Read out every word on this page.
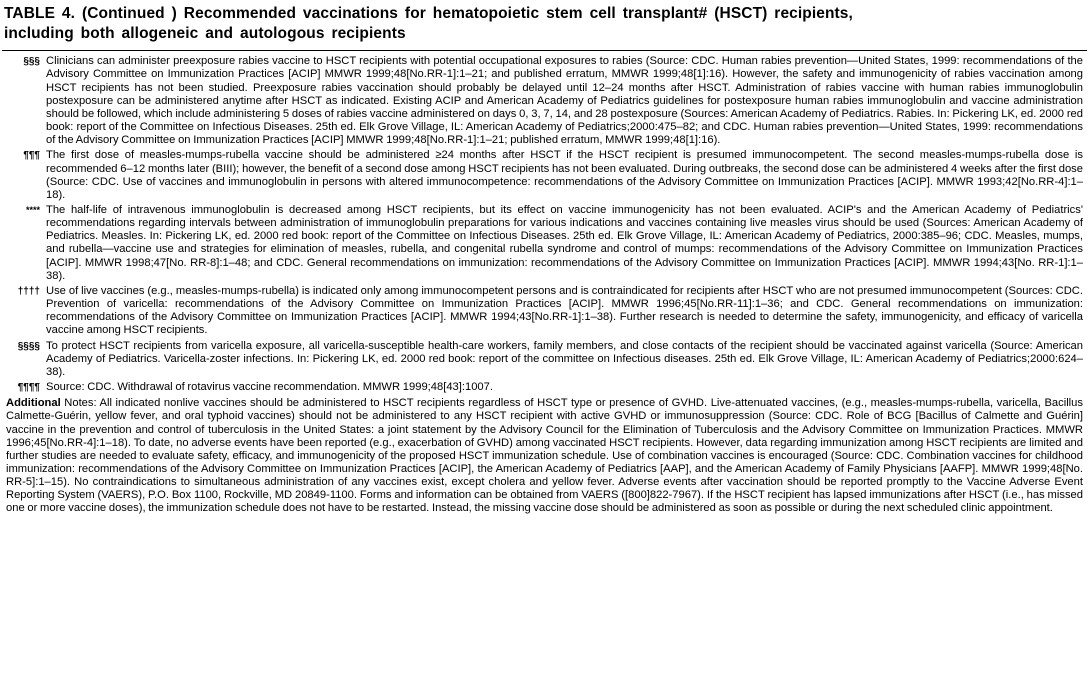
TABLE 4. (Continued ) Recommended vaccinations for hematopoietic stem cell transplant# (HSCT) recipients,
including both allogeneic and autologous recipients
§§§ Clinicians can administer preexposure rabies vaccine to HSCT recipients with potential occupational exposures to rabies (Source: CDC. Human rabies prevention—United States, 1999: recommendations of the Advisory Committee on Immunization Practices [ACIP] MMWR 1999;48[No.RR-1]:1–21; and published erratum, MMWR 1999;48[1]:16). However, the safety and immunogenicity of rabies vaccination among HSCT recipients has not been studied. Preexposure rabies vaccination should probably be delayed until 12–24 months after HSCT. Administration of rabies vaccine with human rabies immunoglobulin postexposure can be administered anytime after HSCT as indicated. Existing ACIP and American Academy of Pediatrics guidelines for postexposure human rabies immunoglobulin and vaccine administration should be followed, which include administering 5 doses of rabies vaccine administered on days 0, 3, 7, 14, and 28 postexposure (Sources: American Academy of Pediatrics. Rabies. In: Pickering LK, ed. 2000 red book: report of the Committee on Infectious Diseases. 25th ed. Elk Grove Village, IL: American Academy of Pediatrics;2000:475–82; and CDC. Human rabies prevention—United States, 1999: recommendations of the Advisory Committee on Immunization Practices [ACIP] MMWR 1999;48[No.RR-1]:1–21; published erratum, MMWR 1999;48[1]:16).
¶¶¶ The first dose of measles-mumps-rubella vaccine should be administered ≥24 months after HSCT if the HSCT recipient is presumed immunocompetent. The second measles-mumps-rubella dose is recommended 6–12 months later (BIII); however, the benefit of a second dose among HSCT recipients has not been evaluated. During outbreaks, the second dose can be administered 4 weeks after the first dose (Source: CDC. Use of vaccines and immunoglobulin in persons with altered immunocompetence: recommendations of the Advisory Committee on Immunization Practices [ACIP]. MMWR 1993;42[No.RR-4]:1–18).
**** The half-life of intravenous immunoglobulin is decreased among HSCT recipients, but its effect on vaccine immunogenicity has not been evaluated. ACIP's and the American Academy of Pediatrics' recommendations regarding intervals between administration of immunoglobulin preparations for various indications and vaccines containing live measles virus should be used (Sources: American Academy of Pediatrics. Measles. In: Pickering LK, ed. 2000 red book: report of the Committee on Infectious Diseases. 25th ed. Elk Grove Village, IL: American Academy of Pediatrics, 2000:385–96; CDC. Measles, mumps, and rubella—vaccine use and strategies for elimination of measles, rubella, and congenital rubella syndrome and control of mumps: recommendations of the Advisory Committee on Immunization Practices [ACIP]. MMWR 1998;47[No. RR-8]:1–48; and CDC. General recommendations on immunization: recommendations of the Advisory Committee on Immunization Practices [ACIP]. MMWR 1994;43[No. RR-1]:1–38).
†††† Use of live vaccines (e.g., measles-mumps-rubella) is indicated only among immunocompetent persons and is contraindicated for recipients after HSCT who are not presumed immunocompetent (Sources: CDC. Prevention of varicella: recommendations of the Advisory Committee on Immunization Practices [ACIP]. MMWR 1996;45[No.RR-11]:1–36; and CDC. General recommendations on immunization: recommendations of the Advisory Committee on Immunization Practices [ACIP]. MMWR 1994;43[No.RR-1]:1–38). Further research is needed to determine the safety, immunogenicity, and efficacy of varicella vaccine among HSCT recipients.
§§§§ To protect HSCT recipients from varicella exposure, all varicella-susceptible health-care workers, family members, and close contacts of the recipient should be vaccinated against varicella (Source: American Academy of Pediatrics. Varicella-zoster infections. In: Pickering LK, ed. 2000 red book: report of the committee on Infectious diseases. 25th ed. Elk Grove Village, IL: American Academy of Pediatrics;2000:624–38).
¶¶¶¶ Source: CDC. Withdrawal of rotavirus vaccine recommendation. MMWR 1999;48[43]:1007.
Additional Notes: All indicated nonlive vaccines should be administered to HSCT recipients regardless of HSCT type or presence of GVHD. Live-attenuated vaccines, (e.g., measles-mumps-rubella, varicella, Bacillus Calmette-Guérin, yellow fever, and oral typhoid vaccines) should not be administered to any HSCT recipient with active GVHD or immunosuppression (Source: CDC. Role of BCG [Bacillus of Calmette and Guérin] vaccine in the prevention and control of tuberculosis in the United States: a joint statement by the Advisory Council for the Elimination of Tuberculosis and the Advisory Committee on Immunization Practices. MMWR 1996;45[No.RR-4]:1–18). To date, no adverse events have been reported (e.g., exacerbation of GVHD) among vaccinated HSCT recipients. However, data regarding immunization among HSCT recipients are limited and further studies are needed to evaluate safety, efficacy, and immunogenicity of the proposed HSCT immunization schedule. Use of combination vaccines is encouraged (Source: CDC. Combination vaccines for childhood immunization: recommendations of the Advisory Committee on Immunization Practices [ACIP], the American Academy of Pediatrics [AAP], and the American Academy of Family Physicians [AAFP]. MMWR 1999;48[No. RR-5]:1–15). No contraindications to simultaneous administration of any vaccines exist, except cholera and yellow fever. Adverse events after vaccination should be reported promptly to the Vaccine Adverse Event Reporting System (VAERS), P.O. Box 1100, Rockville, MD 20849-1100. Forms and information can be obtained from VAERS ([800]822-7967). If the HSCT recipient has lapsed immunizations after HSCT (i.e., has missed one or more vaccine doses), the immunization schedule does not have to be restarted. Instead, the missing vaccine dose should be administered as soon as possible or during the next scheduled clinic appointment.
